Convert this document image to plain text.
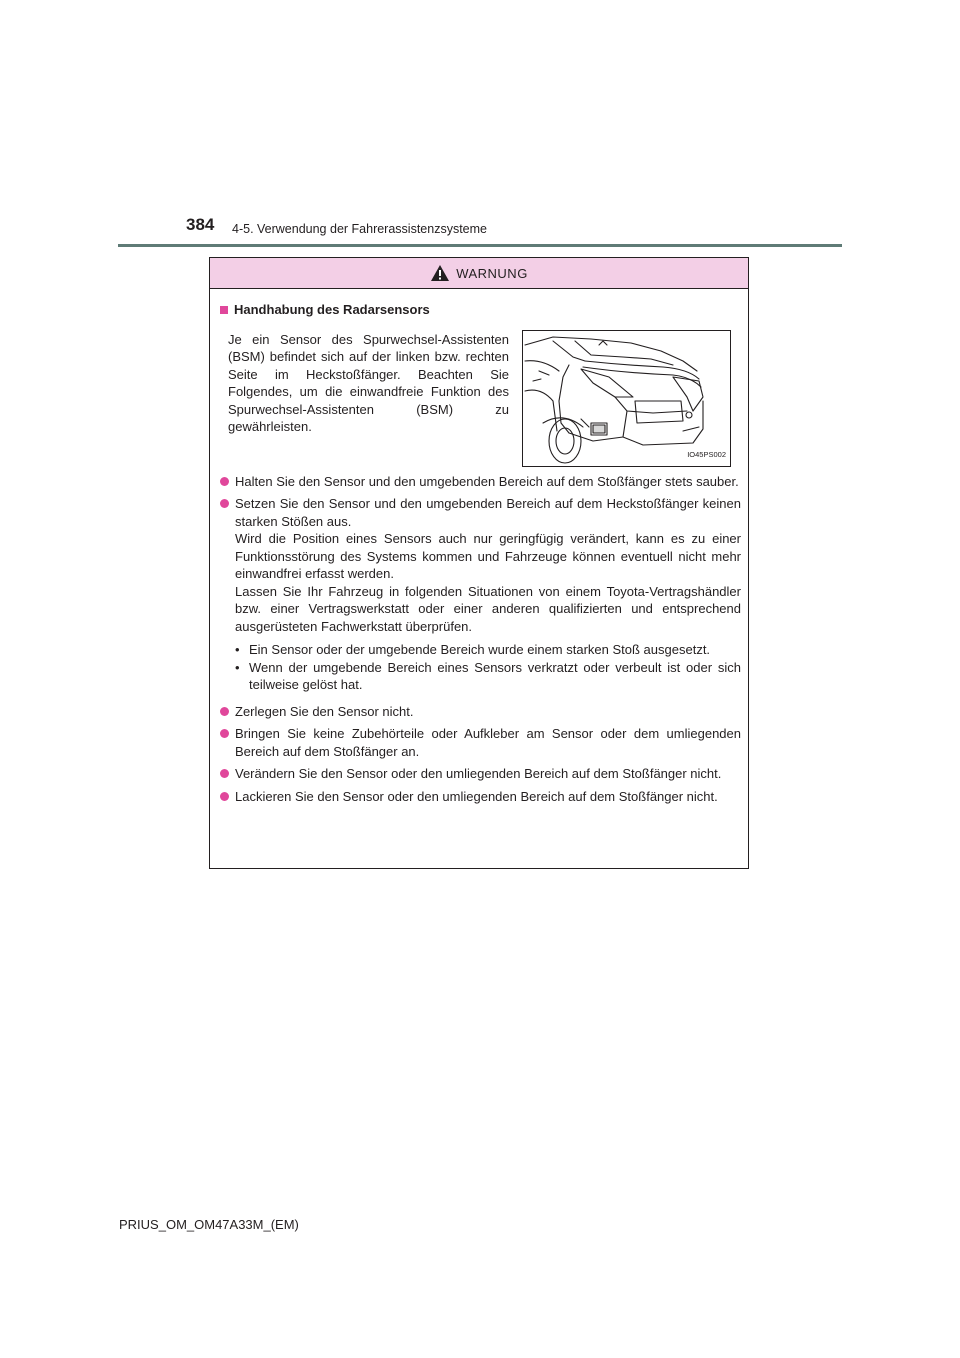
384 4-5. Verwendung der Fahrerassistenzsysteme
WARNUNG
Handhabung des Radarsensors
Je ein Sensor des Spurwechsel-Assistenten (BSM) befindet sich auf der linken bzw. rechten Seite im Heckstoßfänger. Beachten Sie Folgendes, um die einwandfreie Funktion des Spurwechsel-Assistenten (BSM) zu gewährleisten.
IO45PS002

Halten Sie den Sensor und den umgebenden Bereich auf dem Stoßfänger stets sauber.

Setzen Sie den Sensor und den umgebenden Bereich auf dem Heckstoßfänger keinen starken Stößen aus.

Wird die Position eines Sensors auch nur geringfügig verändert, kann es zu einer Funktionsstörung des Systems kommen und Fahrzeuge können eventuell nicht mehr einwandfrei erfasst werden.

Lassen Sie Ihr Fahrzeug in folgenden Situationen von einem Toyota-Vertragshändler bzw. einer Vertragswerkstatt oder einer anderen qualifizierten und entsprechend ausgerüsteten Fachwerkstatt überprüfen.

• Ein Sensor oder der umgebende Bereich wurde einem starken Stoß ausgesetzt.
• Wenn der umgebende Bereich eines Sensors verkratzt oder verbeult ist oder sich teilweise gelöst hat.

Zerlegen Sie den Sensor nicht.

Bringen Sie keine Zubehörteile oder Aufkleber am Sensor oder dem umliegenden Bereich auf dem Stoßfänger an.

Verändern Sie den Sensor oder den umliegenden Bereich auf dem Stoßfänger nicht.

Lackieren Sie den Sensor oder den umliegenden Bereich auf dem Stoßfänger nicht.

PRIUS_OM_OM47A33M_(EM)
